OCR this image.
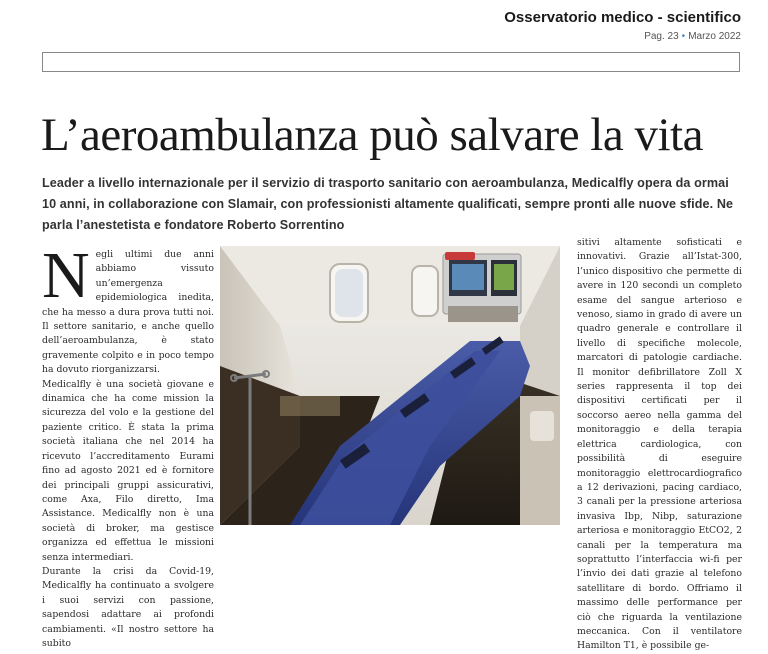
Osservatorio medico - scientifico
Pag. 23 • Marzo 2022
L’aeroambulanza può salvare la vita

Leader a livello internazionale per il servizio di trasporto sanitario con aeroambulanza, Medicalfly opera da ormai 10 anni, in collaborazione con Slamair, con professionisti altamente qualificati, sempre pronti alle nuove sfide. Ne parla l’anestetista e fondatore Roberto Sorrentino

N egli ultimi due anni abbiamo vissuto un’emergenza epidemiologica inedita, che ha messo a dura prova tutti noi. Il settore sanitario, e anche quello dell’aeroambulanza, è stato gravemente colpito e in poco tempo ha dovuto riorganizzarsi.

Medicalfly è una società giovane e dinamica che ha come mission la sicurezza del volo e la gestione del paziente critico. È stata la prima società italiana che nel 2014 ha ricevuto l’accreditamento Eurami fino ad agosto 2021 ed è fornitore dei principali gruppi assicurativi, come Axa, Filo diretto, Ima Assistance. Medicalfly non è una società di broker, ma gestisce organizza ed effettua le missioni senza intermediari.

Durante la crisi da Covid-19, Medicalfly ha continuato a svolgere i suoi servizi con passione, sapendosi adattare ai profondi cambiamenti. «Il nostro settore ha subito

sitivi altamente sofisticati e innovativi. Grazie all’Istat-300, l’unico dispositivo che permette di avere in 120 secondi un completo esame del sangue arterioso e venoso, siamo in grado di avere un quadro generale e controllare il livello di specifiche molecole, marcatori di patologie cardiache. Il monitor defibrillatore Zoll X series rappresenta il top dei dispositivi certificati per il soccorso aereo nella gamma del monitoraggio e della terapia elettrica cardiologica, con possibilità di eseguire monitoraggio elettrocardiografico a 12 derivazioni, pacing cardiaco, 3 canali per la pressione arteriosa invasiva Ibp, Nibp, saturazione arteriosa e monitoraggio EtCO2, 2 canali per la temperatura ma soprattutto l’interfaccia wi-fi per l’invio dei dati grazie al telefono satellitare di bordo. Offriamo il massimo delle performance per ciò che riguarda la ventilazione meccanica. Con il ventilatore Hamilton T1, è possibile ge-
